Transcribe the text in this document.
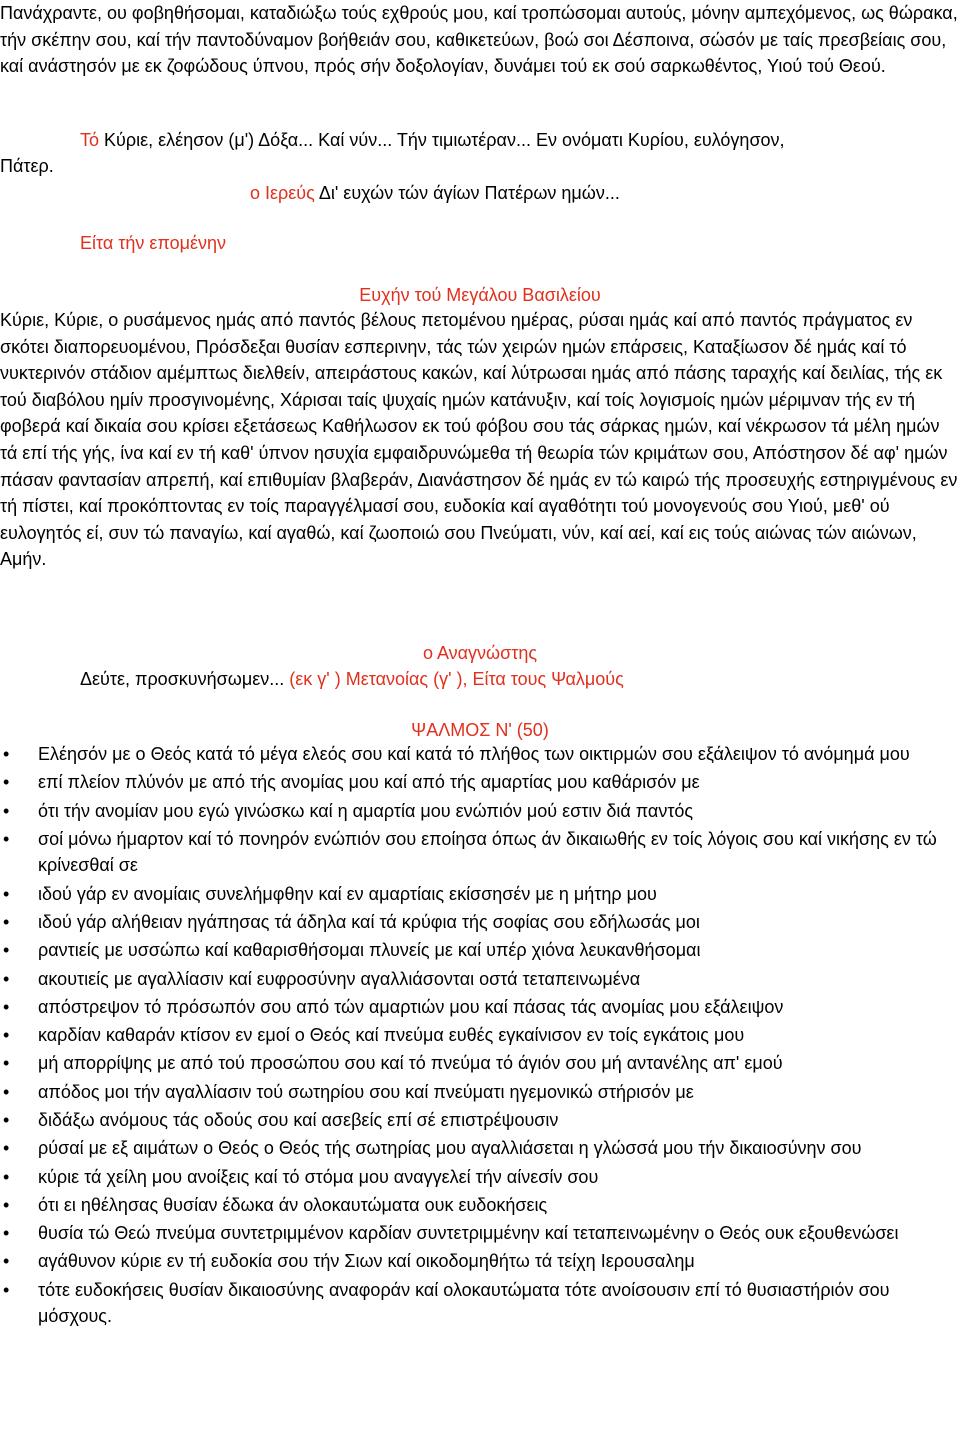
Πανάχραντε, ου φοβηθήσομαι, καταδιώξω τούς εχθρούς μου, καί τροπώσομαι αυτούς, μόνην αμπεχόμενος, ως θώρακα, τήν σκέπην σου, καί τήν παντοδύναμον βοήθειάν σου, καθικετεύων, βοώ σοι Δέσποινα, σώσόν με ταίς πρεσβείαις σου, καί ανάστησόν με εκ ζοφώδους ύπνου, πρός σήν δοξολογίαν, δυνάμει τού εκ σού σαρκωθέντος, Υιού τού Θεού.

Τό Κύριε, ελέησον (μ') Δόξα... Καί νύν... Τήν τιμιωτέραν... Εν ονόματι Κυρίου, ευλόγησον,

Πάτερ.

ο Ιερεύς Δι' ευχών τών άγίων Πατέρων ημών...

Είτα τήν επομένην

Ευχήν τού Μεγάλου Βασιλείου

Κύριε, Κύριε, ο ρυσάμενος ημάς από παντός βέλους πετομένου ημέρας, ρύσαι ημάς καί από παντός πράγματος εν σκότει διαπορευομένου, Πρόσδεξαι θυσίαν εσπερινην, τάς τών χειρών ημών επάρσεις, Καταξίωσον δέ ημάς καί τό νυκτερινόν στάδιον αμέμπτως διελθείν, απειράστους κακών, καί λύτρωσαι ημάς από πάσης ταραχής καί δειλίας, τής εκ τού διαβόλου ημίν προσγινομένης, Χάρισαι ταίς ψυχαίς ημών κατάνυξιν, καί τοίς λογισμοίς ημών μέριμναν τής εν τή φοβερά καί δικαία σου κρίσει εξετάσεως Καθήλωσον εκ τού φόβου σου τάς σάρκας ημών, καί νέκρωσον τά μέλη ημών τά επί τής γής, ίνα καί εν τή καθ' ύπνον ησυχία εμφαιδρυνώμεθα τή θεωρία τών κριμάτων σου, Απόστησον δέ αφ' ημών πάσαν φαντασίαν απρεπή, καί επιθυμίαν βλαβεράν, Διανάστησον δέ ημάς εν τώ καιρώ τής προσευχής εστηριγμένους εν τή πίστει, καί προκόπτοντας εν τοίς παραγγέλμασί σου, ευδοκία καί αγαθότητι τού μονογενούς σου Υιού, μεθ' ού ευλογητός εί, συν τώ παναγίω, καί αγαθώ, καί ζωοποιώ σου Πνεύματι, νύν, καί αεί, καί εις τούς αιώνας τών αιώνων, Αμήν.

ο Αναγνώστης

Δεύτε, προσκυνήσωμεν... (εκ γ' ) Μετανοίας (γ' ), Είτα τους Ψαλμούς

ΨΑΛΜΟΣ Ν' (50)

• Ελέησόν με ο Θεός κατά τό μέγα ελεός σου καί κατά τό πλήθος των οικτιρμών σου εξάλειψον τό ανόμημά μου
• επί πλείον πλύνόν με από τής ανομίας μου καί από τής αμαρτίας μου καθάρισόν με
• ότι τήν ανομίαν μου εγώ γινώσκω καί η αμαρτία μου ενώπιόν μού εστιν διά παντός
• σοί μόνω ήμαρτον καί τό πονηρόν ενώπιόν σου εποίησα όπως άν δικαιωθής εν τοίς λόγοις σου καί νικήσης εν τώ κρίνεσθαί σε
• ιδού γάρ εν ανομίαις συνελήμφθην καί εν αμαρτίαις εκίσσησέν με η μήτηρ μου
• ιδού γάρ αλήθειαν ηγάπησας τά άδηλα καί τά κρύφια τής σοφίας σου εδήλωσάς μοι
• ραντιείς με υσσώπω καί καθαρισθήσομαι πλυνείς με καί υπέρ χιόνα λευκανθήσομαι
• ακουτιείς με αγαλλίασιν καί ευφροσύνην αγαλλιάσονται οστά τεταπεινωμένα
• απόστρεψον τό πρόσωπόν σου από τών αμαρτιών μου καί πάσας τάς ανομίας μου εξάλειψον
• καρδίαν καθαράν κτίσον εν εμοί ο Θεός καί πνεύμα ευθές εγκαίνισον εν τοίς εγκάτοις μου
• μή απορρίψης με από τού προσώπου σου καί τό πνεύμα τό άγιόν σου μή αντανέλης απ' εμού
• απόδος μοι τήν αγαλλίασιν τού σωτηρίου σου καί πνεύματι ηγεμονικώ στήρισόν με
• διδάξω ανόμους τάς οδούς σου καί ασεβείς επί σέ επιστρέψουσιν
• ρύσαί με εξ αιμάτων ο Θεός ο Θεός τής σωτηρίας μου αγαλλιάσεται η γλώσσά μου τήν δικαιοσύνην σου
• κύριε τά χείλη μου ανοίξεις καί τό στόμα μου αναγγελεί τήν αίνεσίν σου
• ότι ει ηθέλησας θυσίαν έδωκα άν ολοκαυτώματα ουκ ευδοκήσεις
• θυσία τώ Θεώ πνεύμα συντετριμμένον καρδίαν συντετριμμένην καί τεταπεινωμένην ο Θεός ουκ εξουθενώσει
• αγάθυνον κύριε εν τή ευδοκία σου τήν Σιων καί οικοδομηθήτω τά τείχη Ιερουσαλημ
• τότε ευδοκήσεις θυσίαν δικαιοσύνης αναφοράν καί ολοκαυτώματα τότε ανοίσουσιν επί τό θυσιαστήριόν σου μόσχους.
